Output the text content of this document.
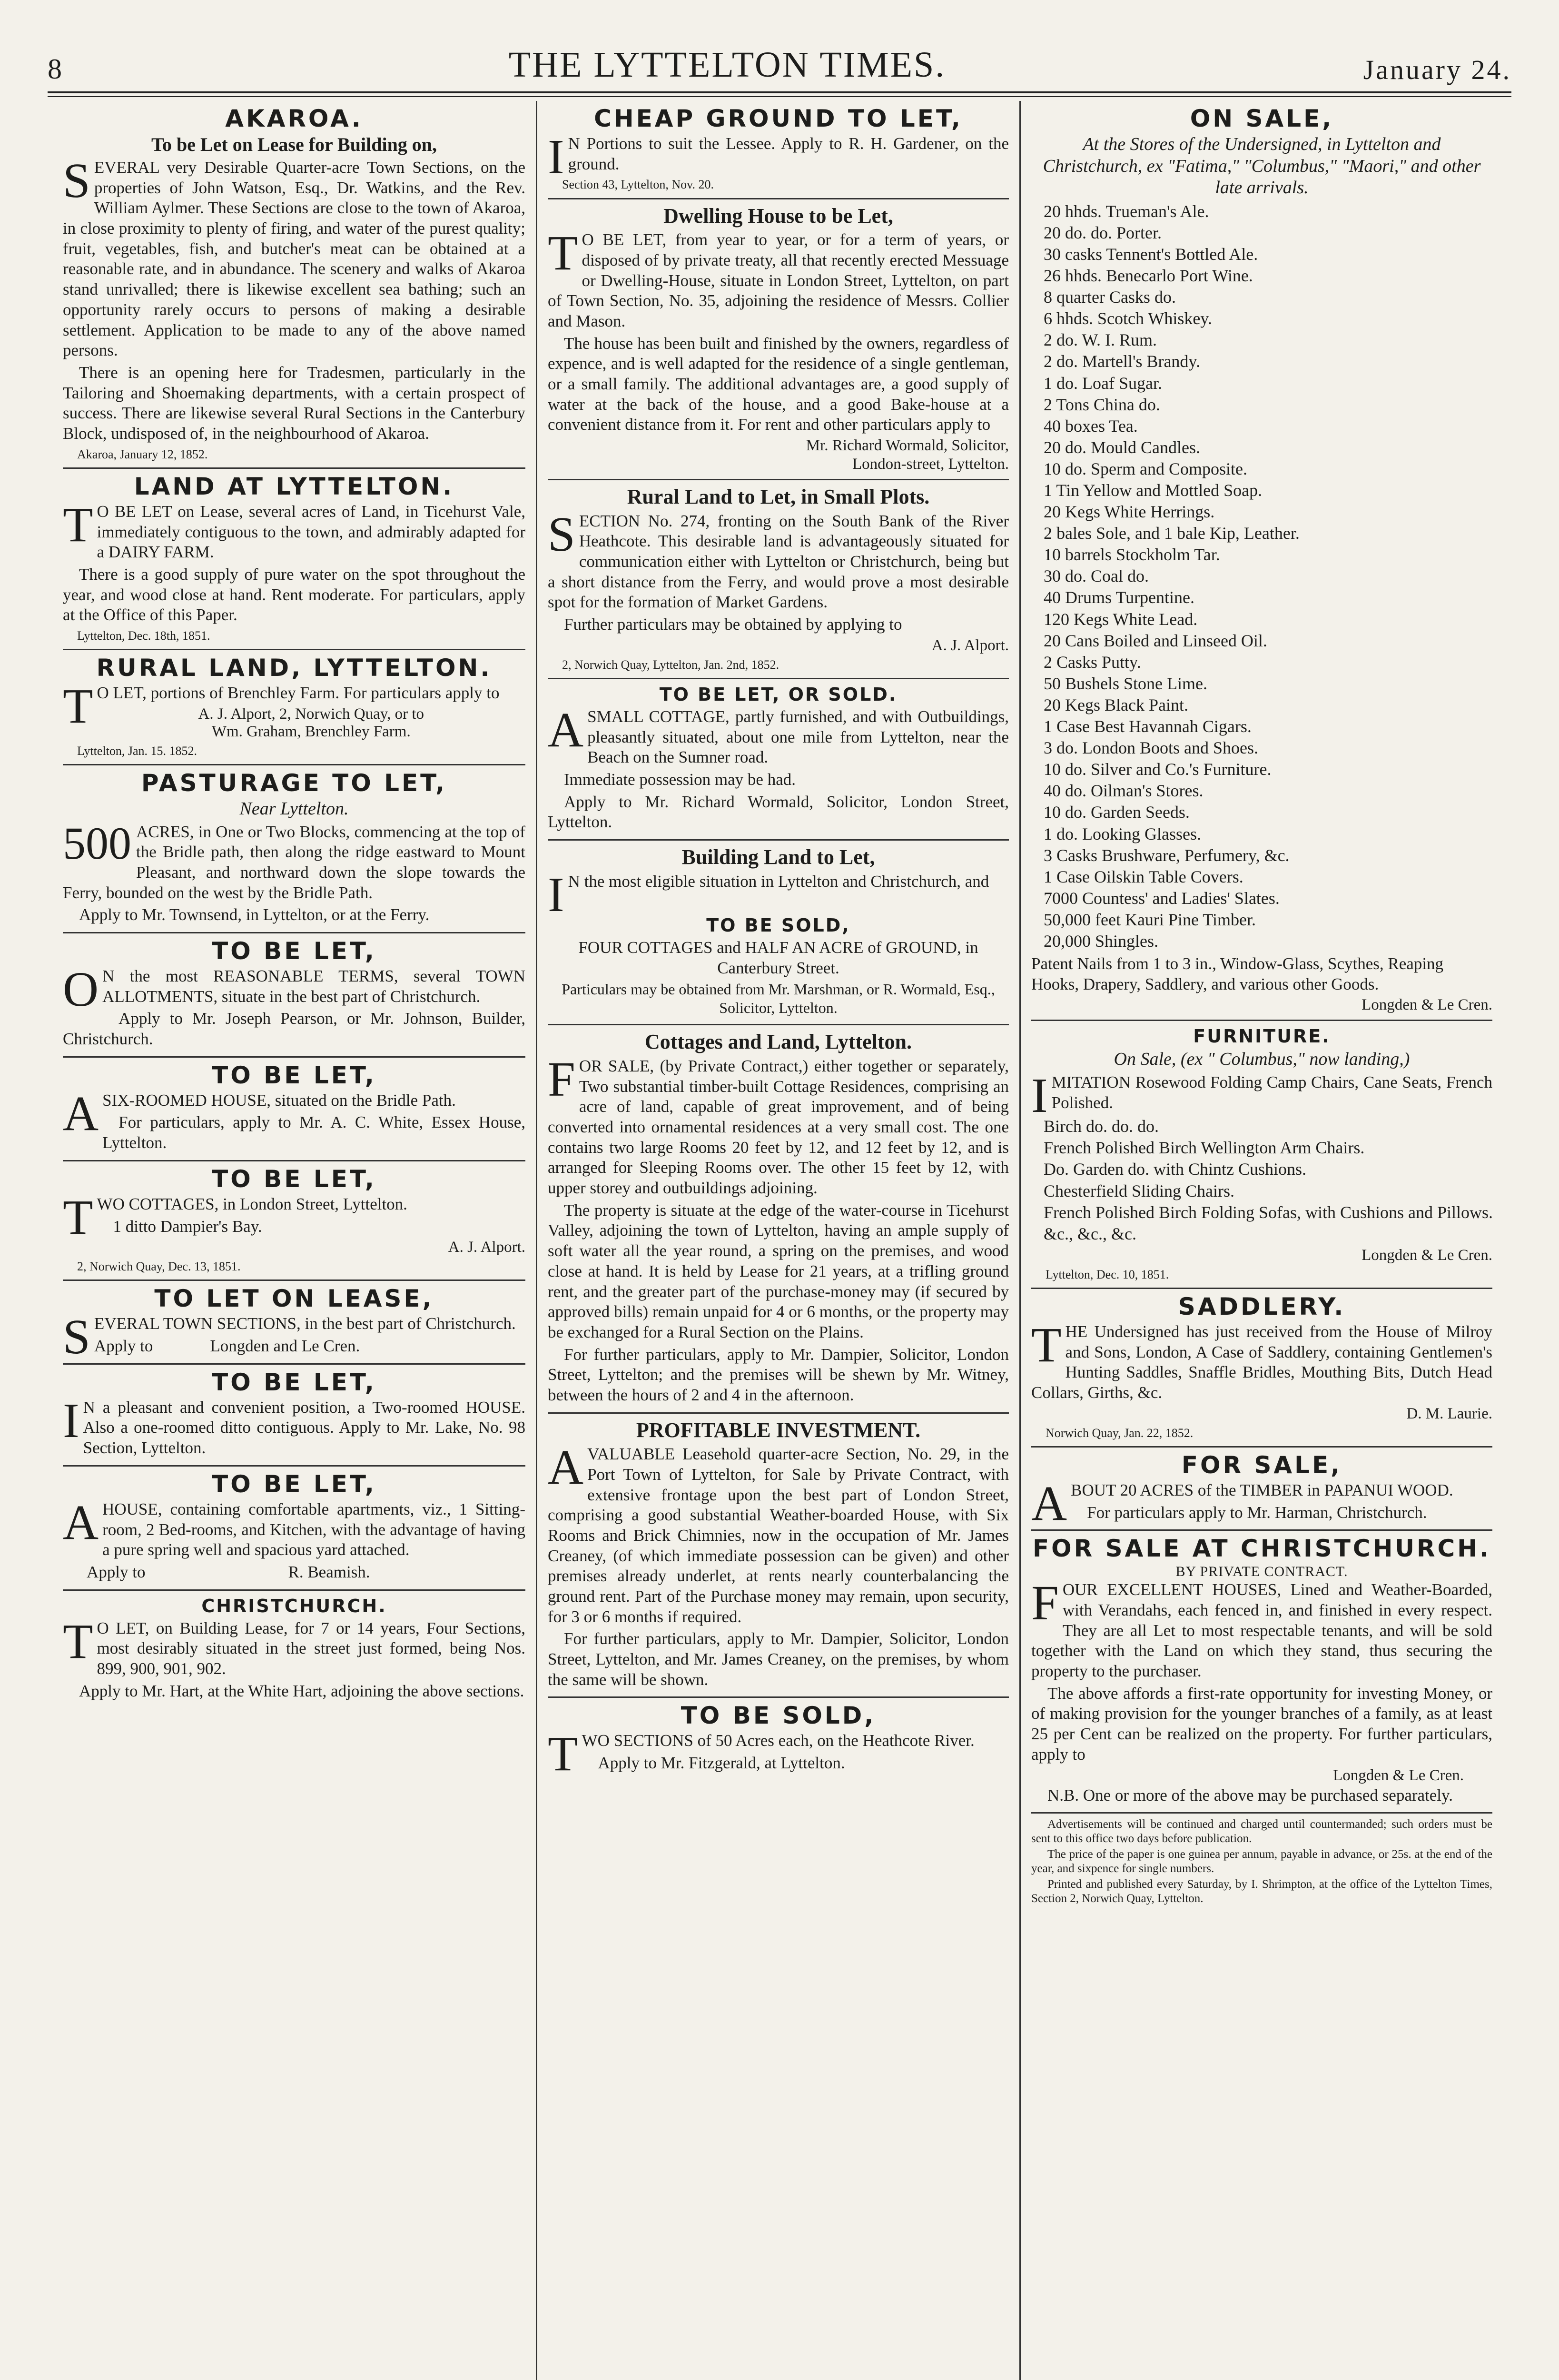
8	THE LYTTELTON TIMES.	January 24.
AKAROA.
To be Let on Lease for Building on,

SEVERAL very Desirable Quarter-acre Town Sections, on the properties of John Watson, Esq., Dr. Watkins, and the Rev. William Aylmer. These Sections are close to the town of Akaroa, in close proximity to plenty of firing, and water of the purest quality; fruit, vegetables, fish, and butcher's meat can be obtained at a reasonable rate, and in abundance. The scenery and walks of Akaroa stand unrivalled; there is likewise excellent sea bathing; such an opportunity rarely occurs to persons of making a desirable settlement. Application to be made to any of the above named persons.

There is an opening here for Tradesmen, particularly in the Tailoring and Shoemaking departments, with a certain prospect of success. There are likewise several Rural Sections in the Canterbury Block, undisposed of, in the neighbourhood of Akaroa.

Akaroa, January 12, 1852.
LAND AT LYTTELTON.

T O BE LET on Lease, several acres of Land, in Ticehurst Vale, immediately contiguous to the town, and admirably adapted for a DAIRY FARM.

There is a good supply of pure water on the spot throughout the year, and wood close at hand. Rent moderate. For particulars, apply at the Office of this Paper.

Lyttelton, Dec. 18th, 1851.
RURAL LAND, LYTTELTON.

T O LET, portions of Brenchley Farm. For particulars apply to

A. J. Alport, 2, Norwich Quay, or to
Wm. Graham, Brenchley Farm.
Lyttelton, Jan. 15. 1852.
PASTURAGE TO LET,
Near Lyttelton.

500 ACRES, in One or Two Blocks, commencing at the top of the Bridle path, then along the ridge eastward to Mount Pleasant, and northward down the slope towards the Ferry, bounded on the west by the Bridle Path.

Apply to Mr. Townsend, in Lyttelton, or at the Ferry.

TO BE LET,

O N the most REASONABLE TERMS, several TOWN ALLOTMENTS, situate in the best part of Christchurch.

Apply to Mr. Joseph Pearson, or Mr. Johnson, Builder, Christchurch.

TO BE LET,

ASIX-ROOMED HOUSE, situated on the Bridle Path.

For particulars, apply to Mr. A. C. White, Essex House, Lyttelton.

TO BE LET,

TWO COTTAGES, in London Street, Lyttelton.

1 ditto Dampier's Bay.

A. J. Alport.
2, Norwich Quay, Dec. 13, 1851.
TO LET ON LEASE,

SEVERAL TOWN SECTIONS, in the best part of Christchurch.

Apply to	Longden and Le Cren.

TO BE LET,

I N a pleasant and convenient position, a Two-roomed HOUSE. Also a one-roomed ditto contiguous. Apply to Mr. Lake, No. 98 Section, Lyttelton.

TO BE LET,

AHOUSE, containing comfortable apartments, viz., 1 Sitting-room, 2 Bed-rooms, and Kitchen, with the advantage of having a pure spring well and spacious yard attached.

Apply to	R. Beamish.

CHRISTCHURCH.

T O LET, on Building Lease, for 7 or 14 years, Four Sections, most desirably situated in the street just formed, being Nos. 899, 900, 901, 902.

Apply to Mr. Hart, at the White Hart, adjoining the above sections.

CHEAP GROUND TO LET,

I N Portions to suit the Lessee. Apply to R. H. Gardener, on the ground.

Section 43, Lyttelton, Nov. 20.
Dwelling House to be Let,

T O BE LET, from year to year, or for a term of years, or disposed of by private treaty, all that recently erected Messuage or Dwelling-House, situate in London Street, Lyttelton, on part of Town Section, No. 35, adjoining the residence of Messrs. Collier and Mason.

The house has been built and finished by the owners, regardless of expence, and is well adapted for the residence of a single gentleman, or a small family. The additional advantages are, a good supply of water at the back of the house, and a good Bake-house at a convenient distance from it. For rent and other particulars apply to

Mr. Richard Wormald, Solicitor,
London-street, Lyttelton.
Rural Land to Let, in Small Plots.

SECTION No. 274, fronting on the South Bank of the River Heathcote. This desirable land is advantageously situated for communication either with Lyttelton or Christchurch, being but a short distance from the Ferry, and would prove a most desirable spot for the formation of Market Gardens.

Further particulars may be obtained by applying to

A. J. Alport.
2, Norwich Quay, Lyttelton, Jan. 2nd, 1852.
TO BE LET, OR SOLD.

ASMALL COTTAGE, partly furnished, and with Outbuildings, pleasantly situated, about one mile from Lyttelton, near the Beach on the Sumner road.

Immediate possession may be had.

Apply to Mr. Richard Wormald, Solicitor, London Street, Lyttelton.

Building Land to Let,

I N the most eligible situation in Lyttelton and Christchurch, and

TO BE SOLD,

FOUR COTTAGES and HALF AN ACRE of GROUND, in Canterbury Street.

Particulars may be obtained from Mr. Marshman, or R. Wormald, Esq., Solicitor, Lyttelton.

Cottages and Land, Lyttelton.

FOR SALE, (by Private Contract,) either together or separately, Two substantial timber-built Cottage Residences, comprising an acre of land, capable of great improvement, and of being converted into ornamental residences at a very small cost. The one contains two large Rooms 20 feet by 12, and 12 feet by 12, and is arranged for Sleeping Rooms over. The other 15 feet by 12, with upper storey and outbuildings adjoining.

The property is situate at the edge of the water-course in Ticehurst Valley, adjoining the town of Lyttelton, having an ample supply of soft water all the year round, a spring on the premises, and wood close at hand. It is held by Lease for 21 years, at a trifling ground rent, and the greater part of the purchase-money may (if secured by approved bills) remain unpaid for 4 or 6 months, or the property may be exchanged for a Rural Section on the Plains.

For further particulars, apply to Mr. Dampier, Solicitor, London Street, Lyttelton; and the premises will be shewn by Mr. Witney, between the hours of 2 and 4 in the afternoon.

PROFITABLE INVESTMENT.

AVALUABLE Leasehold quarter-acre Section, No. 29, in the Port Town of Lyttelton, for Sale by Private Contract, with extensive frontage upon the best part of London Street, comprising a good substantial Weather-boarded House, with Six Rooms and Brick Chimnies, now in the occupation of Mr. James Creaney, (of which immediate possession can be given) and other premises already underlet, at rents nearly counterbalancing the ground rent. Part of the Purchase money may remain, upon security, for 3 or 6 months if required.

For further particulars, apply to Mr. Dampier, Solicitor, London Street, Lyttelton, and Mr. James Creaney, on the premises, by whom the same will be shown.

TO BE SOLD,

TWO SECTIONS of 50 Acres each, on the Heathcote River.

Apply to Mr. Fitzgerald, at Lyttelton.

ON SALE,
At the Stores of the Undersigned, in Lyttelton and Christchurch, ex "Fatima," "Columbus," "Maori," and other late arrivals.
20 hhds. Trueman's Ale.
20 do. do. Porter.
30 casks Tennent's Bottled Ale.
26 hhds. Benecarlo Port Wine.
8 quarter Casks do.
6 hhds. Scotch Whiskey.
2 do. W. I. Rum.
2 do. Martell's Brandy.
1 do. Loaf Sugar.
2 Tons China do.
40 boxes Tea.
20 do. Mould Candles.
10 do. Sperm and Composite.
1 Tin Yellow and Mottled Soap.
20 Kegs White Herrings.
2 bales Sole, and 1 bale Kip, Leather.
10 barrels Stockholm Tar.
30 do. Coal do.
40 Drums Turpentine.
120 Kegs White Lead.
20 Cans Boiled and Linseed Oil.
2 Casks Putty.
50 Bushels Stone Lime.
20 Kegs Black Paint.
1 Case Best Havannah Cigars.
3 do. London Boots and Shoes.
10 do. Silver and Co.'s Furniture.
40 do. Oilman's Stores.
10 do. Garden Seeds.
1 do. Looking Glasses.
3 Casks Brushware, Perfumery, &c.
1 Case Oilskin Table Covers.
7000 Countess' and Ladies' Slates.
50,000 feet Kauri Pine Timber.
20,000 Shingles.

Patent Nails from 1 to 3 in., Window-Glass, Scythes, Reaping Hooks, Drapery, Saddlery, and various other Goods.

Longden & Le Cren.
FURNITURE.
On Sale, (ex " Columbus," now landing,)

IMITATION Rosewood Folding Camp Chairs, Cane Seats, French Polished.

Birch do. do. do.
French Polished Birch Wellington Arm Chairs.
Do. Garden do. with Chintz Cushions.
Chesterfield Sliding Chairs.
French Polished Birch Folding Sofas, with Cushions and Pillows.
&c., &c., &c.
Longden & Le Cren.
Lyttelton, Dec. 10, 1851.
SADDLERY.

THE Undersigned has just received from the House of Milroy and Sons, London, A Case of Saddlery, containing Gentlemen's Hunting Saddles, Snaffle Bridles, Mouthing Bits, Dutch Head Collars, Girths, &c.

D. M. Laurie.
Norwich Quay, Jan. 22, 1852.
FOR SALE,

ABOUT 20 ACRES of the TIMBER in PAPANUI WOOD.

For particulars apply to Mr. Harman, Christchurch.

FOR SALE AT CHRISTCHURCH.
BY PRIVATE CONTRACT.

FOUR EXCELLENT HOUSES, Lined and Weather-Boarded, with Verandahs, each fenced in, and finished in every respect. They are all Let to most respectable tenants, and will be sold together with the Land on which they stand, thus securing the property to the purchaser.

The above affords a first-rate opportunity for investing Money, or of making provision for the younger branches of a family, as at least 25 per Cent can be realized on the property. For further particulars, apply to

Longden & Le Cren.

N.B. One or more of the above may be purchased separately.

Advertisements will be continued and charged until countermanded; such orders must be sent to this office two days before publication.

The price of the paper is one guinea per annum, payable in advance, or 25s. at the end of the year, and sixpence for single numbers.

Printed and published every Saturday, by I. Shrimpton, at the office of the Lyttelton Times, Section 2, Norwich Quay, Lyttelton.
